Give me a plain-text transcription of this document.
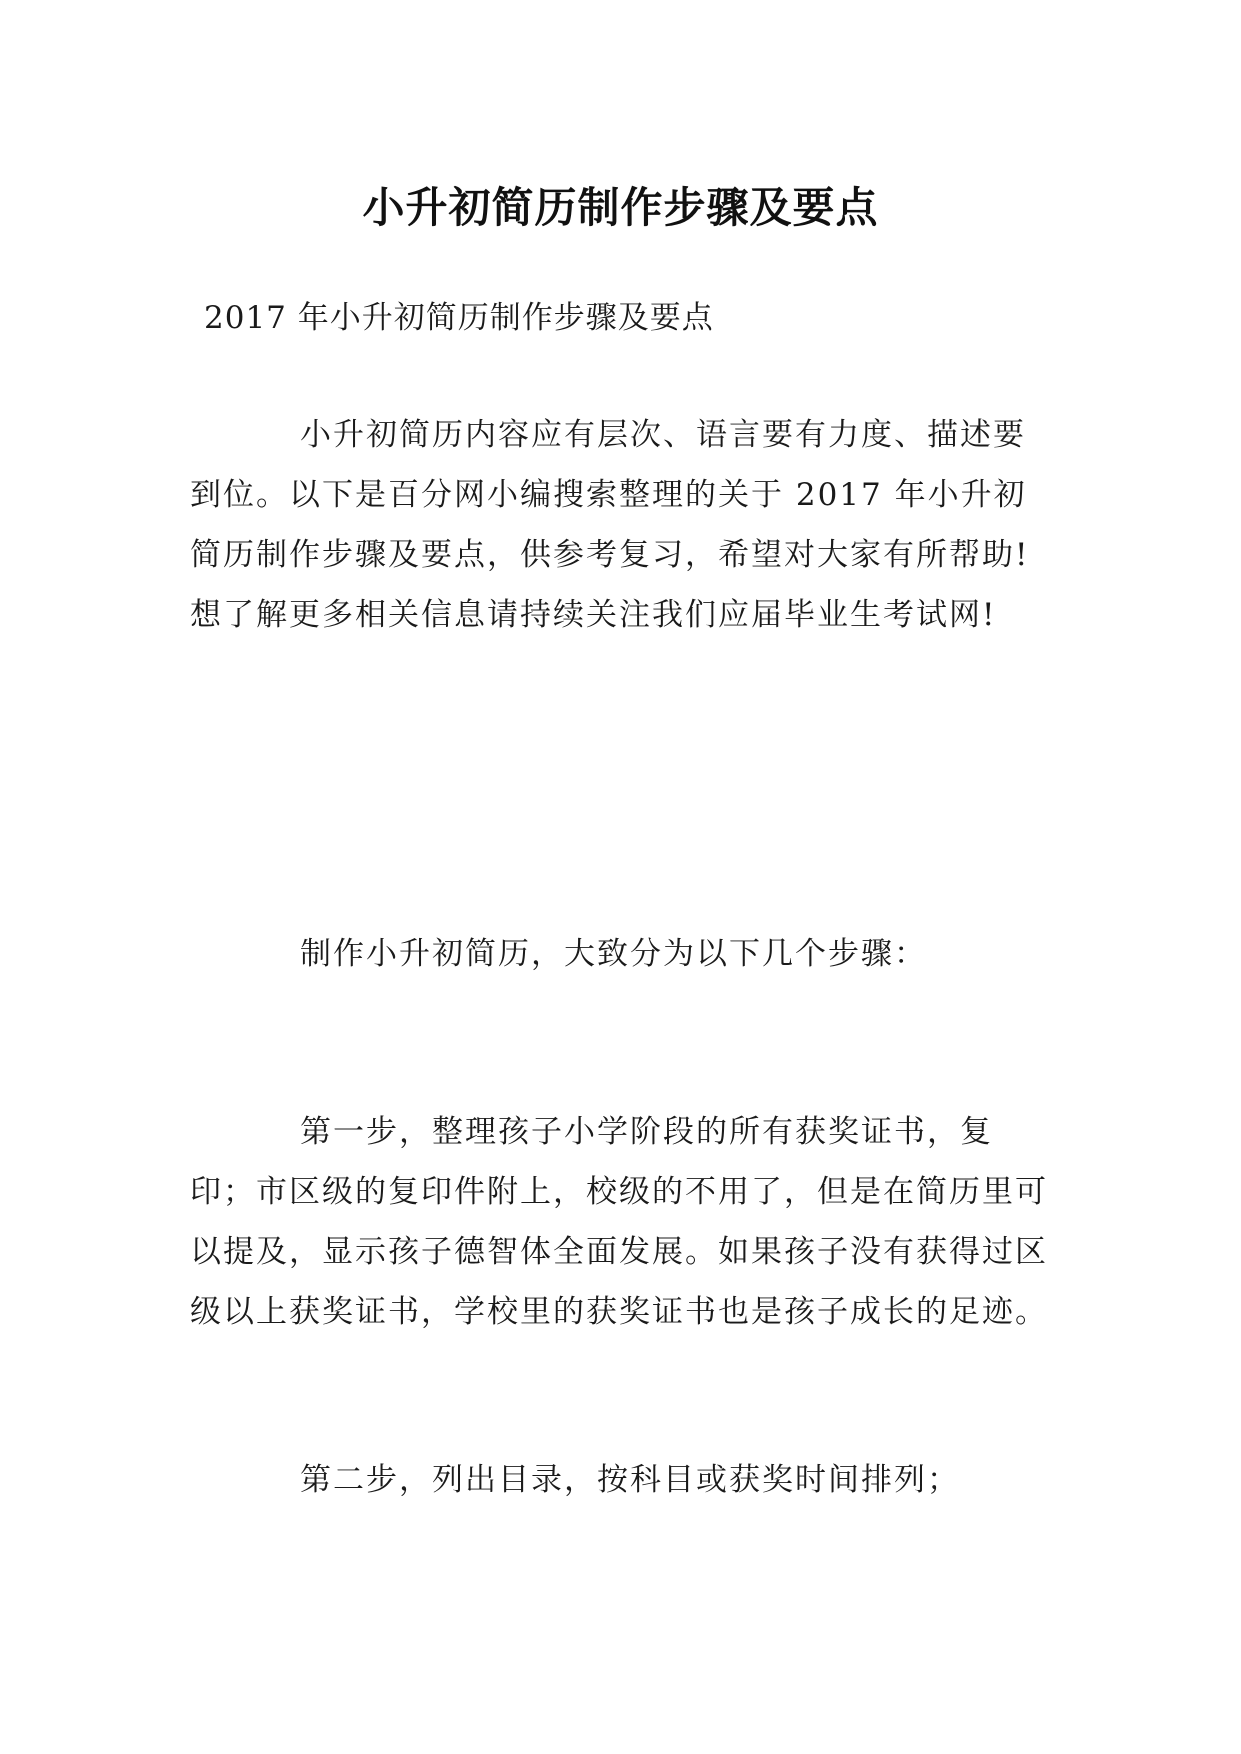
小升初简历制作步骤及要点

2017 年小升初简历制作步骤及要点

小升初简历内容应有层次、语言要有力度、描述要到位。以下是百分网小编搜索整理的关于 2017 年小升初简历制作步骤及要点，供参考复习，希望对大家有所帮助!想了解更多相关信息请持续关注我们应届毕业生考试网!

制作小升初简历，大致分为以下几个步骤：

第一步，整理孩子小学阶段的所有获奖证书，复印；市区级的复印件附上，校级的不用了，但是在简历里可以提及，显示孩子德智体全面发展。如果孩子没有获得过区级以上获奖证书，学校里的获奖证书也是孩子成长的足迹。

第二步，列出目录，按科目或获奖时间排列；
